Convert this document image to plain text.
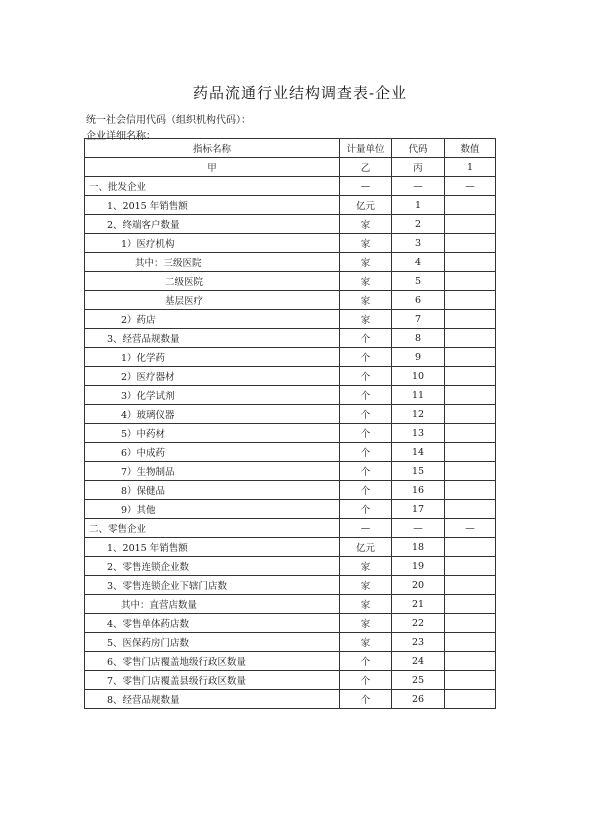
药品流通行业结构调查表-企业
统一社会信用代码（组织机构代码）：
企业详细名称：
指标名称	计量单位	代码	数值
甲	乙	丙	1
一、批发企业	—	—	—
1、2015 年销售额	亿元	1	
2、终端客户数量	家	2	
1）医疗机构	家	3	
其中：三级医院	家	4	
二级医院	家	5	
基层医疗	家	6	
2）药店	家	7	
3、经营品规数量	个	8	
1）化学药	个	9	
2）医疗器材	个	10	
3）化学试剂	个	11	
4）玻璃仪器	个	12	
5）中药材	个	13	
6）中成药	个	14	
7）生物制品	个	15	
8）保健品	个	16	
9）其他	个	17	
二、零售企业	—	—	—
1、2015 年销售额	亿元	18	
2、零售连锁企业数	家	19	
3、零售连锁企业下辖门店数	家	20	
其中：直营店数量	家	21	
4、零售单体药店数	家	22	
5、医保药房门店数	家	23	
6、零售门店覆盖地级行政区数量	个	24	
7、零售门店覆盖县级行政区数量	个	25	
8、经营品规数量	个	26	
